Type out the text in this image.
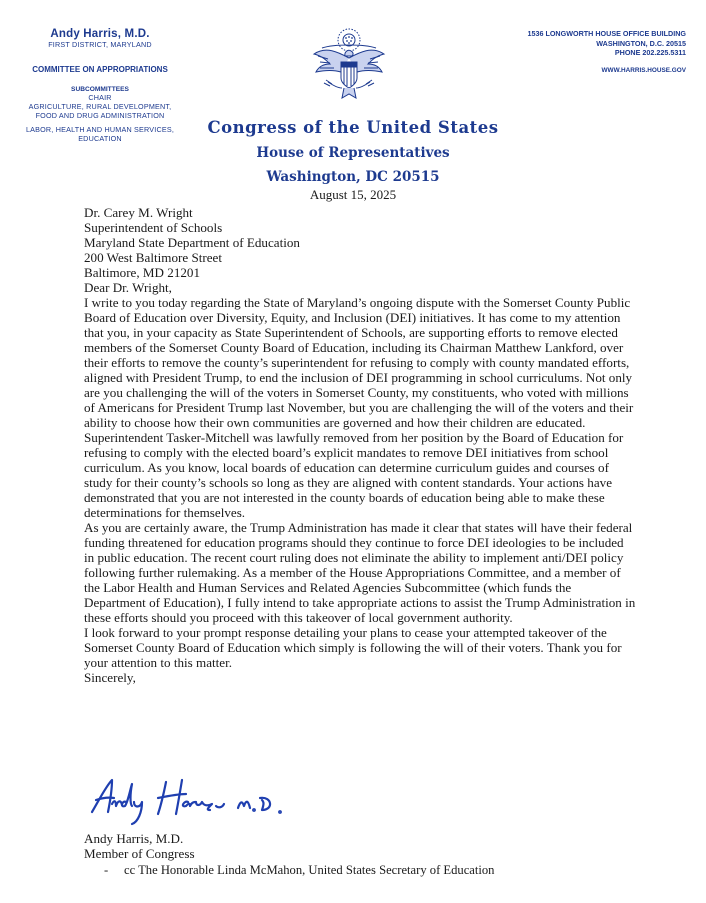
Andy Harris, M.D.
FIRST DISTRICT, MARYLAND
COMMITTEE ON APPROPRIATIONS
SUBCOMMITTEES
CHAIR
AGRICULTURE, RURAL DEVELOPMENT,
FOOD AND DRUG ADMINISTRATION
LABOR, HEALTH AND HUMAN SERVICES,
EDUCATION
1536 LONGWORTH HOUSE OFFICE BUILDING
WASHINGTON, D.C. 20515
PHONE 202.225.5311
WWW.HARRIS.HOUSE.GOV
Congress of the United States
House of Representatives
Washington, DC 20515
August 15, 2025
Dr. Carey M. Wright
Superintendent of Schools
Maryland State Department of Education
200 West Baltimore Street
Baltimore, MD 21201

Dear Dr. Wright,

I write to you today regarding the State of Maryland’s ongoing dispute with the Somerset County Public Board of Education over Diversity, Equity, and Inclusion (DEI) initiatives. It has come to my attention that you, in your capacity as State Superintendent of Schools, are supporting efforts to remove elected members of the Somerset County Board of Education, including its Chairman Matthew Lankford, over their efforts to remove the county’s superintendent for refusing to comply with county mandated efforts, aligned with President Trump, to end the inclusion of DEI programming in school curriculums. Not only are you challenging the will of the voters in Somerset County, my constituents, who voted with millions of Americans for President Trump last November, but you are challenging the will of the voters and their ability to choose how their own communities are governed and how their children are educated.

Superintendent Tasker-Mitchell was lawfully removed from her position by the Board of Education for refusing to comply with the elected board’s explicit mandates to remove DEI initiatives from school curriculum. As you know, local boards of education can determine curriculum guides and courses of study for their county’s schools so long as they are aligned with content standards. Your actions have demonstrated that you are not interested in the county boards of education being able to make these determinations for themselves.

As you are certainly aware, the Trump Administration has made it clear that states will have their federal funding threatened for education programs should they continue to force DEI ideologies to be included in public education. The recent court ruling does not eliminate the ability to implement anti/DEI policy following further rulemaking. As a member of the House Appropriations Committee, and a member of the Labor Health and Human Services and Related Agencies Subcommittee (which funds the Department of Education), I fully intend to take appropriate actions to assist the Trump Administration in these efforts should you proceed with this takeover of local government authority.

I look forward to your prompt response detailing your plans to cease your attempted takeover of the Somerset County Board of Education which simply is following the will of their voters. Thank you for your attention to this matter.

Sincerely,

Andy Harris, M.D.
Member of Congress
- cc The Honorable Linda McMahon, United States Secretary of Education
